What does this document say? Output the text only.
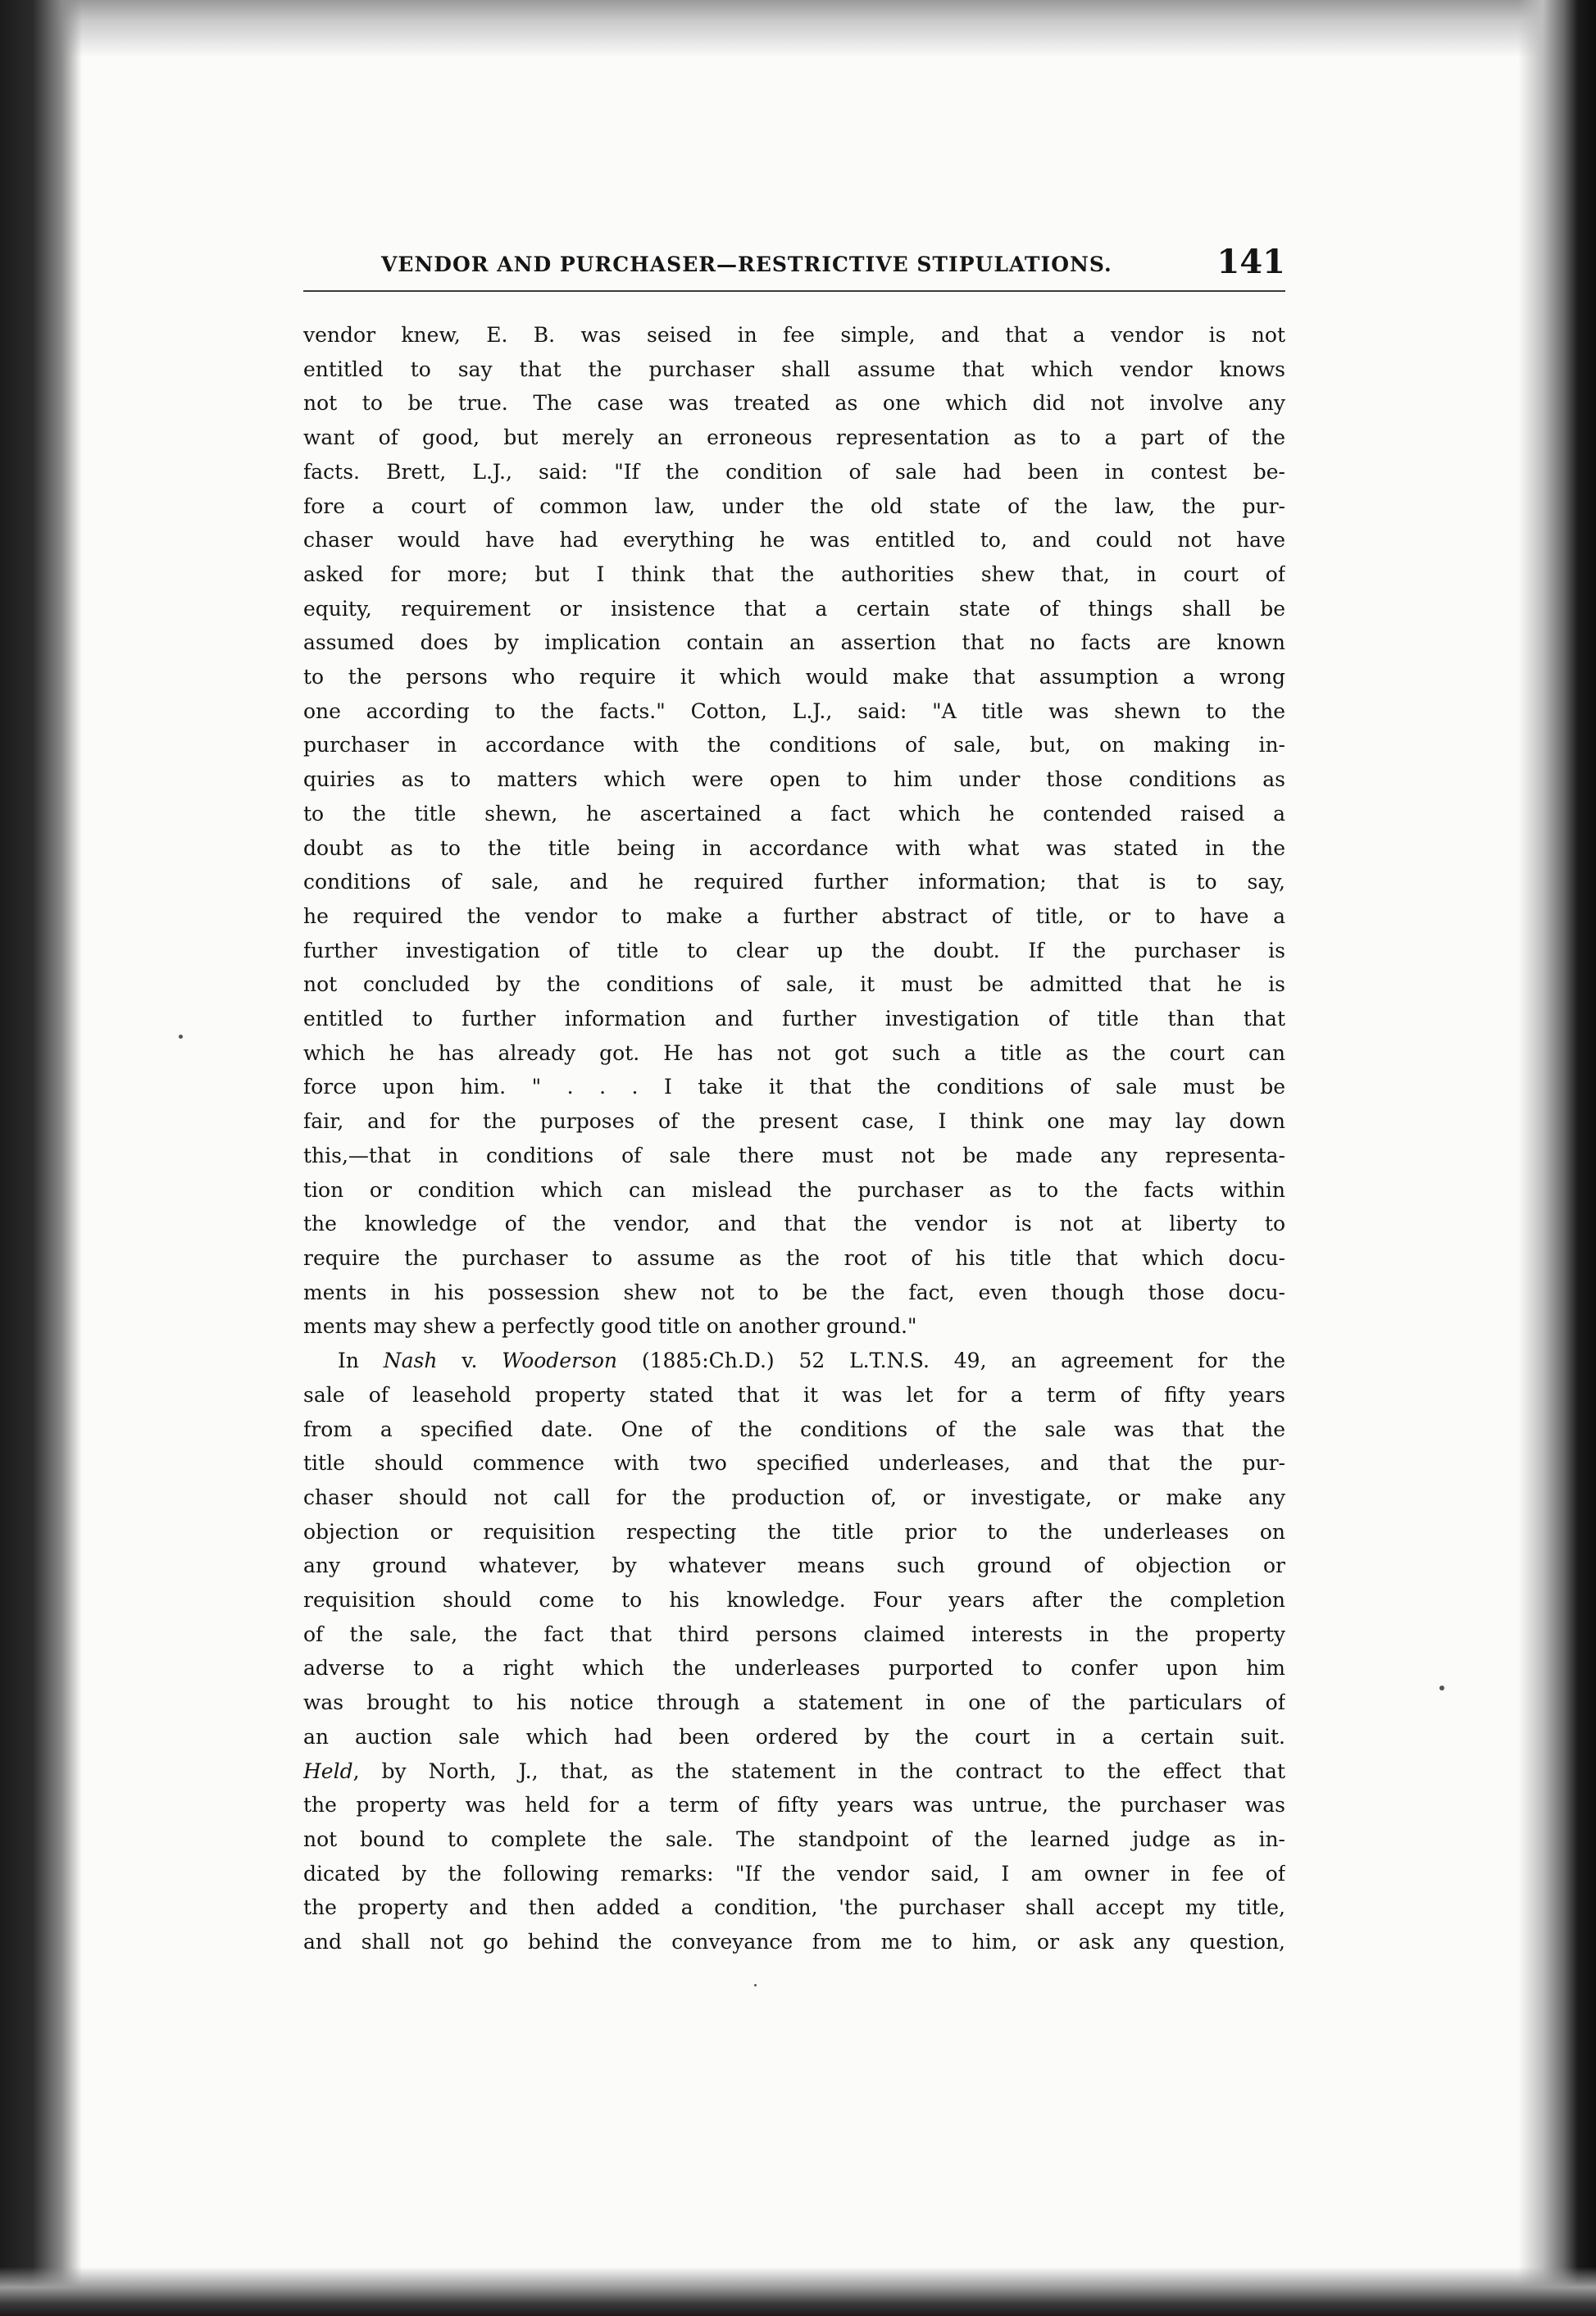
VENDOR AND PURCHASER—RESTRICTIVE STIPULATIONS.	141
vendor knew, E. B. was seised in fee simple, and that a vendor is not
entitled to say that the purchaser shall assume that which vendor knows
not to be true. The case was treated as one which did not involve any
want of good, but merely an erroneous representation as to a part of the
facts. Brett, L.J., said: "If the condition of sale had been in contest be-
fore a court of common law, under the old state of the law, the pur-
chaser would have had everything he was entitled to, and could not have
asked for more; but I think that the authorities shew that, in court of
equity, requirement or insistence that a certain state of things shall be
assumed does by implication contain an assertion that no facts are known
to the persons who require it which would make that assumption a wrong
one according to the facts." Cotton, L.J., said: "A title was shewn to the
purchaser in accordance with the conditions of sale, but, on making in-
quiries as to matters which were open to him under those conditions as
to the title shewn, he ascertained a fact which he contended raised a
doubt as to the title being in accordance with what was stated in the
conditions of sale, and he required further information; that is to say,
he required the vendor to make a further abstract of title, or to have a
further investigation of title to clear up the doubt. If the purchaser is
not concluded by the conditions of sale, it must be admitted that he is
entitled to further information and further investigation of title than that
which he has already got. He has not got such a title as the court can
force upon him. " . . . I take it that the conditions of sale must be
fair, and for the purposes of the present case, I think one may lay down
this,—that in conditions of sale there must not be made any representa-
tion or condition which can mislead the purchaser as to the facts within
the knowledge of the vendor, and that the vendor is not at liberty to
require the purchaser to assume as the root of his title that which docu-
ments in his possession shew not to be the fact, even though those docu-
ments may shew a perfectly good title on another ground."
In Nash v. Wooderson (1885:Ch.D.) 52 L.T.N.S. 49, an agreement for the
sale of leasehold property stated that it was let for a term of fifty years
from a specified date. One of the conditions of the sale was that the
title should commence with two specified underleases, and that the pur-
chaser should not call for the production of, or investigate, or make any
objection or requisition respecting the title prior to the underleases on
any ground whatever, by whatever means such ground of objection or
requisition should come to his knowledge. Four years after the completion
of the sale, the fact that third persons claimed interests in the property
adverse to a right which the underleases purported to confer upon him
was brought to his notice through a statement in one of the particulars of
an auction sale which had been ordered by the court in a certain suit.
Held, by North, J., that, as the statement in the contract to the effect that
the property was held for a term of fifty years was untrue, the purchaser was
not bound to complete the sale. The standpoint of the learned judge as in-
dicated by the following remarks: "If the vendor said, I am owner in fee of
the property and then added a condition, 'the purchaser shall accept my title,
and shall not go behind the conveyance from me to him, or ask any question,
